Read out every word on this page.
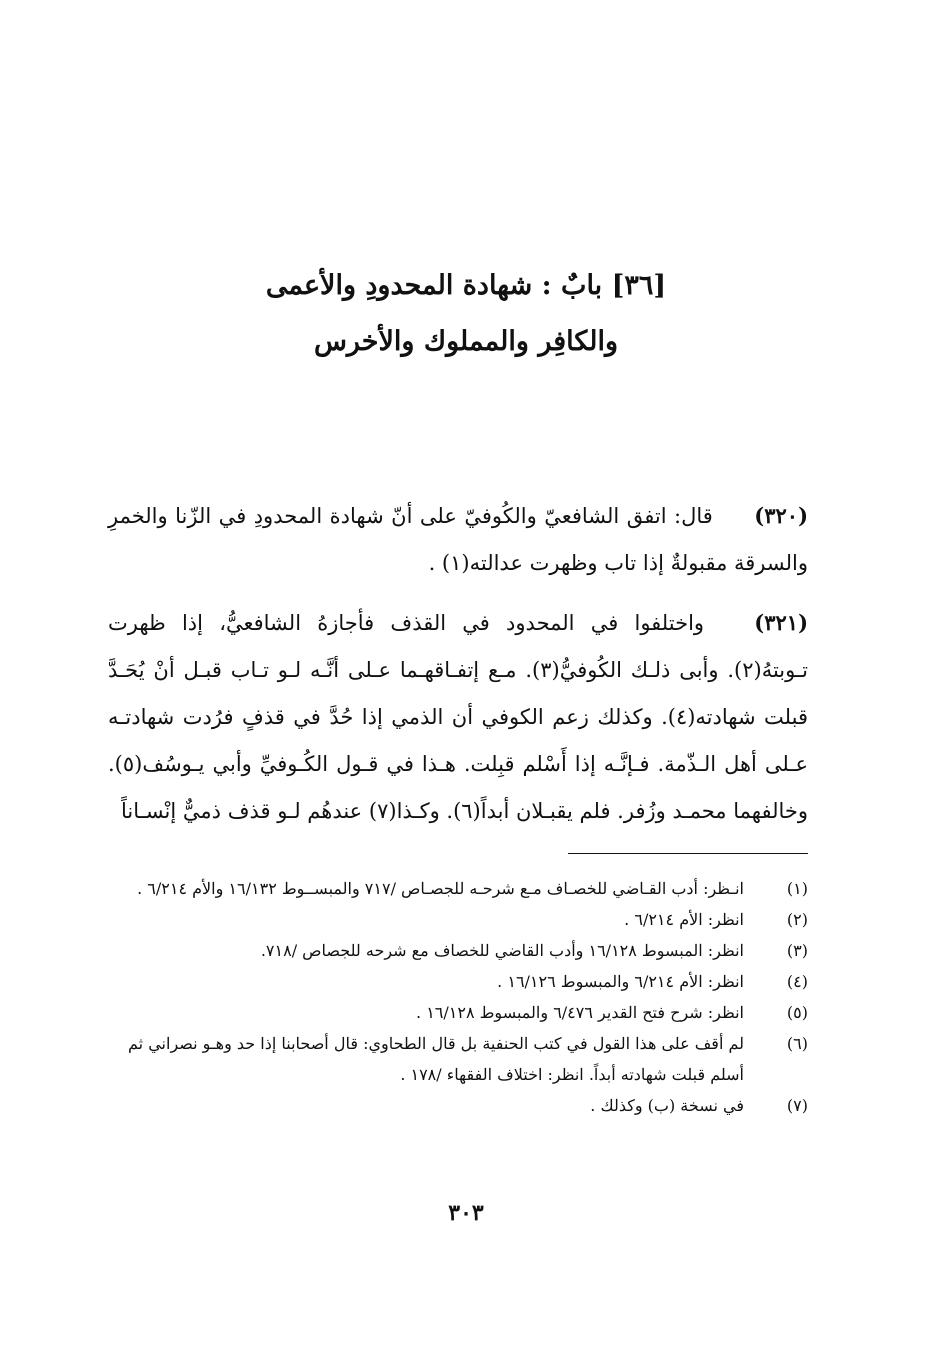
[٣٦] بابٌ : شهادة المحدودِ والأعمى
والكافِر والمملوك والأخرس
(٣٢٠) قال: اتفق الشافعيّ والكُوفيّ على أنّ شهادة المحدودِ في الزّنا والخمرِ والسرقة مقبولةٌ إذا تاب وظهرت عدالته(١) .
(٣٢١) واختلفوا في المحدود في القذف فأجازهُ الشافعيُّ، إذا ظهرت تـوبتهُ(٢). وأبى ذلـك الكُوفيُّ(٣). مـع إتفـاقهـما عـلى أنَّـه لـو تـاب قبـل أنْ يُحَـدَّ قبلت شهادته(٤). وكذلك زعم الكوفي أن الذمي إذا حُدَّ في قذفٍ فرُدت شهادتـه عـلى أهل الـذّمة. فـإنَّـه إذا أَسْلم قبِلت. هـذا في قـول الكُـوفيِّ وأبي يـوسُف(٥). وخالفهما محمـد وزُفر. فلم يقبـلان أبداً(٦). وكـذا(٧) عندهُم لـو قذف ذميٌّ إنْسـاناً
(١)
انـظر: أدب القـاضي للخصـاف مـع شرحـه للجصـاص /٧١٧ والمبســوط ١٦/١٣٢ والأم ٦/٢١٤ .
(٢)
انظر: الأم ٦/٢١٤ .
(٣)
انظر: المبسوط ١٦/١٢٨ وأدب القاضي للخصاف مع شرحه للجصاص /٧١٨.
(٤)
انظر: الأم ٦/٢١٤ والمبسوط ١٦/١٢٦ .
(٥)
انظر: شرح فتح القدير ٦/٤٧٦ والمبسوط ١٦/١٢٨ .
(٦)
لم أقف على هذا القول في كتب الحنفية بل قال الطحاوي: قال أصحابنا إذا حد وهـو نصراني ثم أسلم قبلت شهادته أبداً. انظر: اختلاف الفقهاء /١٧٨ .
(٧)
في نسخة (ب) وكذلك .
٣٠٣
